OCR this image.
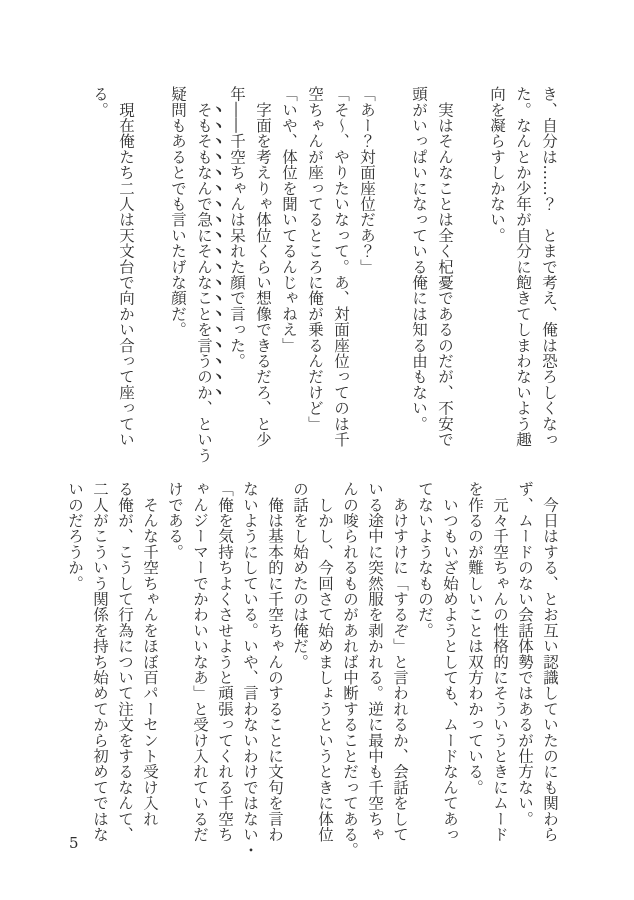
き、自分は……？　とまで考え、俺は恐ろしくなっ

た。なんとか少年が自分に飽きてしまわないよう趣

向を凝らすしかない。

　実はそんなことは全く杞憂であるのだが、不安で

頭がいっぱいになっている俺には知る由もない。

「あー？対面座位だあ？」

「そ〜、やりたいなって。あ、対面座位ってのは千

空ちゃんが座ってるところに俺が乗るんだけど」

「いや、体位を聞いてるんじゃねえ」

　字面を考えりゃ体位くらい想像できるだろ、と少

年――千空ちゃんは呆れた顔で言った。

　そもそもなんで急にそんなことを言うのか、という

疑問もあるとでも言いたげな顔だ。

　現在俺たち二人は天文台で向かい合って座ってい

る。

　今日はする、とお互い認識していたのにも関わら

ず、ムードのない会話体勢ではあるが仕方ない。

　元々千空ちゃんの性格的にそういうときにムード

を作るのが難しいことは双方わかっている。

　いつもいざ始めようとしても、ムードなんてあっ

てないようなものだ。

　あけすけに「するぞ」と言われるか、会話をして

いる途中に突然服を剥かれる。逆に最中も千空ちゃ

んの唆られるものがあれば中断することだってある。

　しかし、今回さて始めましょうというときに体位

の話をし始めたのは俺だ。

　俺は基本的に千空ちゃんのすることに文句を言わ

ないようにしている。いや、言わないわけではない・

「俺を気持ちよくさせようと頑張ってくれる千空ち

ゃんジーマーでかわいいなあ」と受け入れているだ

けである。

　そんな千空ちゃんをほぼ百パーセント受け入れ

る俺が、こうして行為について注文をするなんて、

二人がこういう関係を持ち始めてから初めてではな

いのだろうか。

5
